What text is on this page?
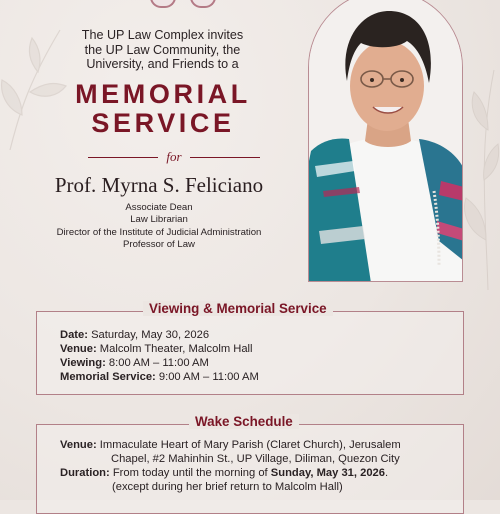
The UP Law Complex invites
the UP Law Community, the
University, and Friends to a
MEMORIAL
SERVICE
for
Prof. Myrna S. Feliciano
Associate Dean
Law Librarian
Director of the Institute of Judicial Administration
Professor of Law
Viewing & Memorial Service
Date: Saturday, May 30, 2026
Venue: Malcolm Theater, Malcolm Hall
Viewing: 8:00 AM – 11:00 AM
Memorial Service: 9:00 AM – 11:00 AM
Wake Schedule
Venue: Immaculate Heart of Mary Parish (Claret Church), Jerusalem
Chapel, #2 Mahinhin St., UP Village, Diliman, Quezon City
Duration: From today until the morning of Sunday, May 31, 2026.
(except during her brief return to Malcolm Hall)
